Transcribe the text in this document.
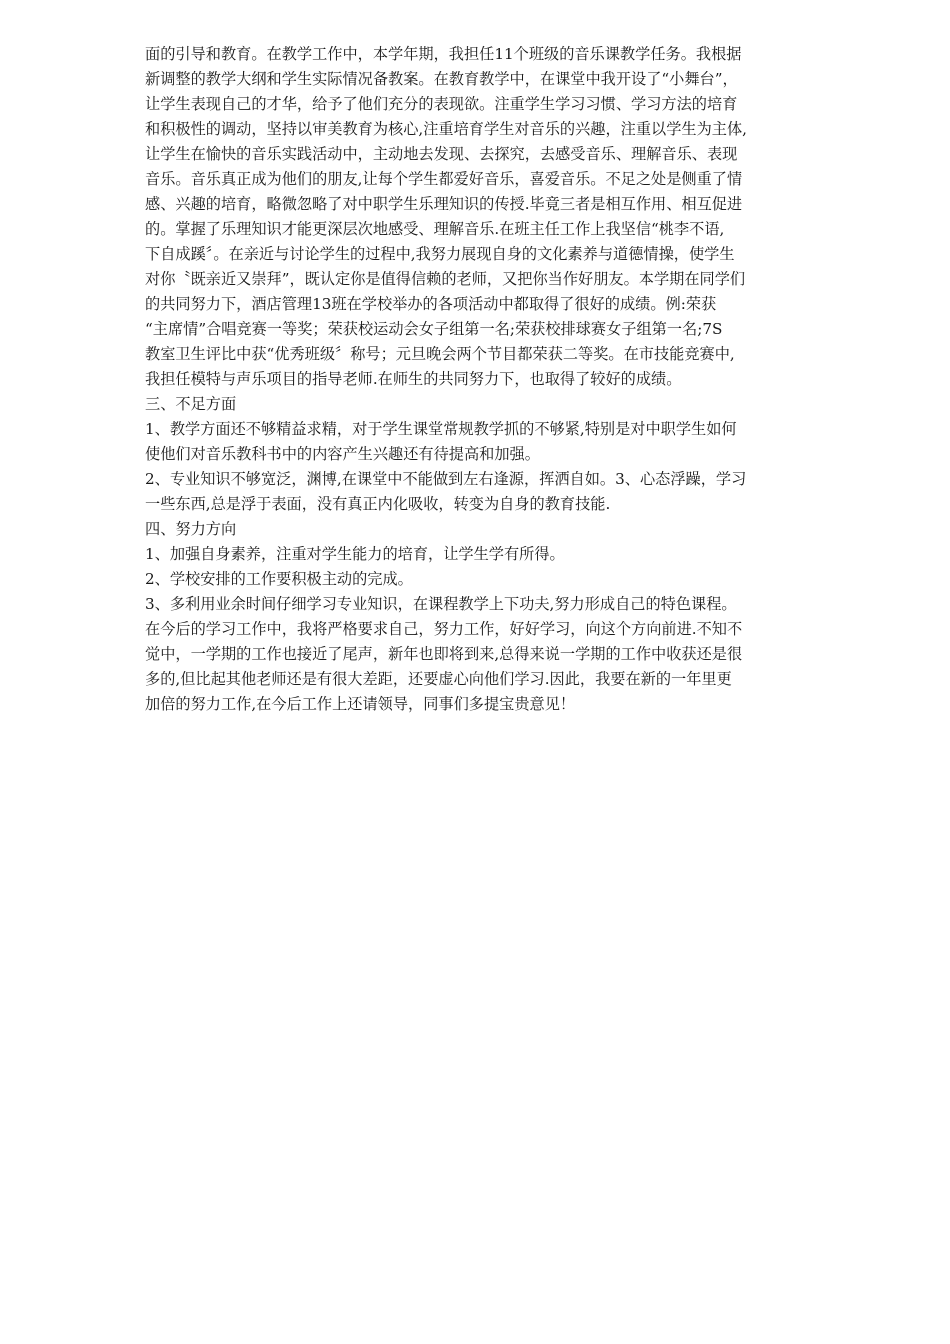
面的引导和教育。在教学工作中，本学年期，我担任11个班级的音乐课教学任务。我根据
新调整的教学大纲和学生实际情况备教案。在教育教学中，在课堂中我开设了“小舞台”，
让学生表现自己的才华，给予了他们充分的表现欲。注重学生学习习惯、学习方法的培育
和积极性的调动，坚持以审美教育为核心,注重培育学生对音乐的兴趣，注重以学生为主体,
让学生在愉快的音乐实践活动中，主动地去发现、去探究，去感受音乐、理解音乐、表现
音乐。音乐真正成为他们的朋友,让每个学生都爱好音乐，喜爱音乐。不足之处是侧重了情
感、兴趣的培育，略微忽略了对中职学生乐理知识的传授.毕竟三者是相互作用、相互促进
的。掌握了乐理知识才能更深层次地感受、理解音乐.在班主任工作上我坚信“桃李不语,
下自成蹊〞。在亲近与讨论学生的过程中,我努力展现自身的文化素养与道德情操，使学生
对你〝既亲近又崇拜”，既认定你是值得信赖的老师，又把你当作好朋友。本学期在同学们
的共同努力下，酒店管理13班在学校举办的各项活动中都取得了很好的成绩。例:荣获
“主席情”合唱竞赛一等奖；荣获校运动会女子组第一名;荣获校排球赛女子组第一名;7S
教室卫生评比中获“优秀班级〞称号；元旦晚会两个节目都荣获二等奖。在市技能竞赛中,
我担任模特与声乐项目的指导老师.在师生的共同努力下，也取得了较好的成绩。
三、不足方面
1、教学方面还不够精益求精，对于学生课堂常规教学抓的不够紧,特别是对中职学生如何
使他们对音乐教科书中的内容产生兴趣还有待提高和加强。
2、专业知识不够宽泛，渊博,在课堂中不能做到左右逢源，挥洒自如。3、心态浮躁，学习
一些东西,总是浮于表面，没有真正内化吸收，转变为自身的教育技能.
四、努力方向
1、加强自身素养，注重对学生能力的培育，让学生学有所得。
2、学校安排的工作要积极主动的完成。
3、多利用业余时间仔细学习专业知识，在课程教学上下功夫,努力形成自己的特色课程。
在今后的学习工作中，我将严格要求自己，努力工作，好好学习，向这个方向前进.不知不
觉中，一学期的工作也接近了尾声，新年也即将到来,总得来说一学期的工作中收获还是很
多的,但比起其他老师还是有很大差距，还要虚心向他们学习.因此，我要在新的一年里更
加倍的努力工作,在今后工作上还请领导，同事们多提宝贵意见！
